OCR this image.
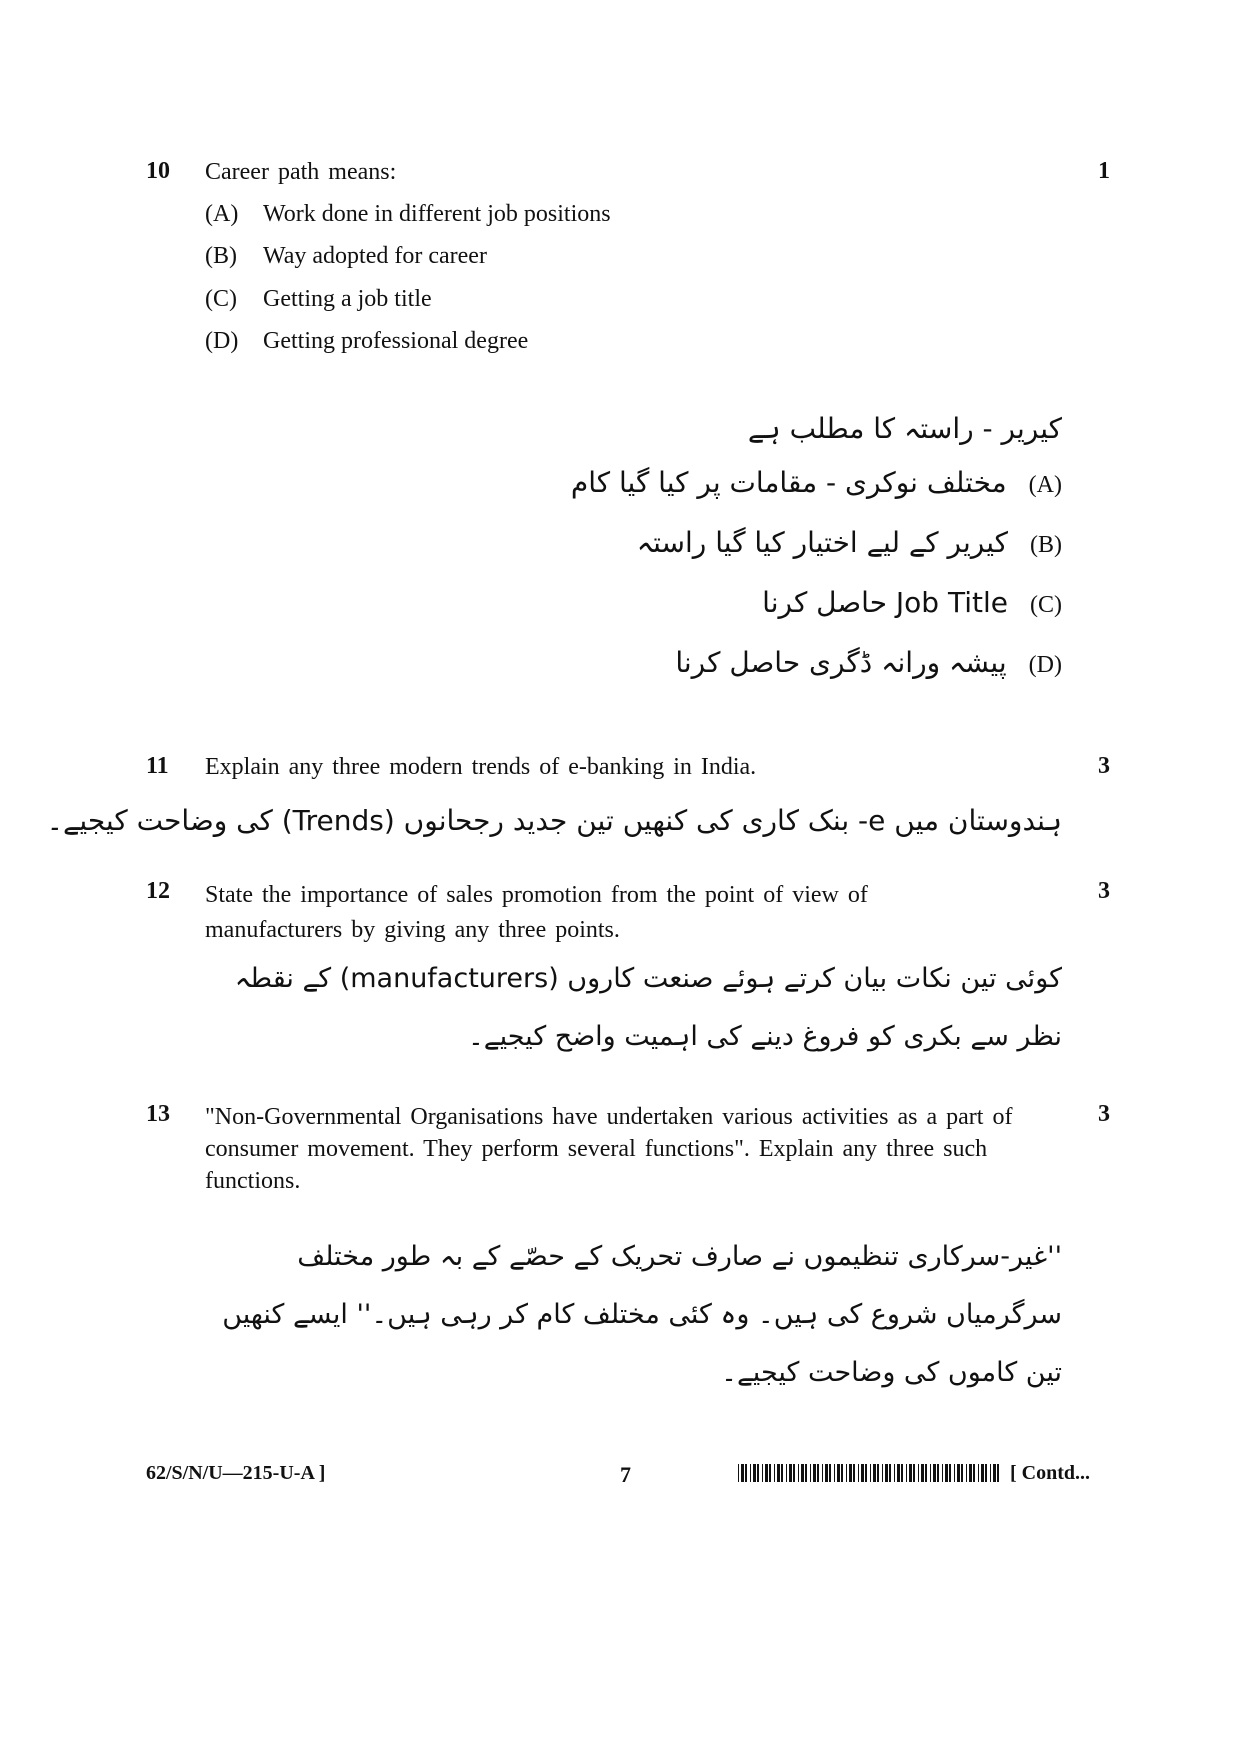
10 Career path means:	1
(A) Work done in different job positions
(B) Way adopted for career
(C) Getting a job title
(D) Getting professional degree
کیریر - راستہ کا مطلب ہے
(A)مختلف نوکری - مقامات پر کیا گیا کام
(B)کیریر کے لیے اختیار کیا گیا راستہ
(C)Job Title حاصل کرنا
(D)پیشہ ورانہ ڈگری حاصل کرنا
11 Explain any three modern trends of e-banking in India.	3
ہندوستان میں e- بنک کاری کی کنھیں تین جدید رجحانوں (Trends) کی وضاحت کیجیے۔
12 State the importance of sales promotion from the point of view of manufacturers by giving any three points.
3
کوئی تین نکات بیان کرتے ہوئے صنعت کاروں (manufacturers) کے نقطہ نظر سے بکری کو فروغ دینے کی اہمیت واضح کیجیے۔
13 "Non-Governmental Organisations have undertaken various activities as a part of consumer movement. They perform several functions". Explain any three such functions.
3
''غیر-سرکاری تنظیموں نے صارف تحریک کے حصّے کے بہ طور مختلف سرگرمیاں شروع کی ہیں۔ وہ کئی مختلف کام کر رہی ہیں۔'' ایسے کنھیں تین کاموں کی وضاحت کیجیے۔
62/S/N/U—215-U-A ]	7	[ Contd...
